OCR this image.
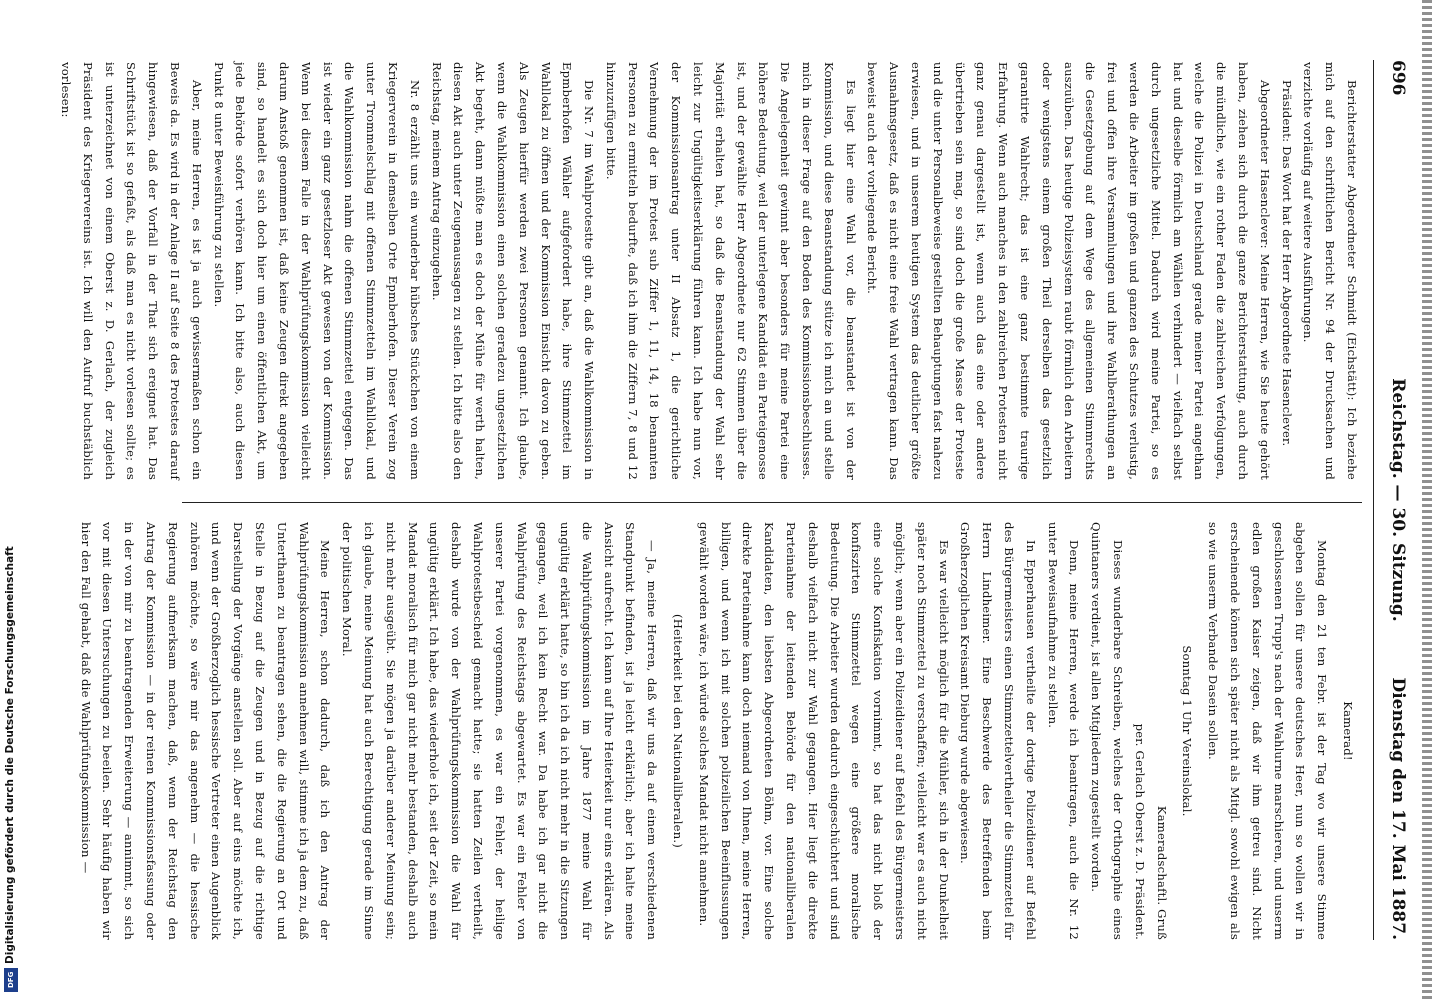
696
Reichstag. — 30. Sitzung.
Dienstag den 17. Mai 1887.

Berichterstatter Abgeordneter Schmidt (Eichstätt): Ich beziehe mich auf den schriftlichen Bericht Nr. 94 der Drucksachen und verzichte vorläufig auf weitere Ausführungen.

Präsident: Das Wort hat der Herr Abgeordnete Hasenclever.

Abgeordneter Hasenclever: Meine Herren, wie Sie heute gehört haben, ziehen sich durch die ganze Berichterstattung, auch durch die mündliche, wie ein rother Faden die zahlreichen Verfolgungen, welche die Polizei in Deutschland gerade meiner Partei angethan hat und dieselbe förmlich am Wählen verhindert — vielfach selbst durch ungesetzliche Mittel. Dadurch wird meine Partei, so es werden die Arbeiter im großen und ganzen des Schutzes verlustig, frei und offen ihre Versammlungen und ihre Wahlberathungen an die Gesetzgebung auf dem Wege des allgemeinen Stimmrechts auszuüben. Das heutige Polizeisystem raubt förmlich den Arbeitern oder wenigstens einem großen Theil derselben das gesetzlich garantirte Wahlrecht; das ist eine ganz bestimmte traurige Erfahrung. Wenn auch manches in den zahlreichen Protesten nicht ganz genau dargestellt ist, wenn auch das eine oder andere übertrieben sein mag, so sind doch die große Masse der Proteste und die unter Personalbeweise gestellten Behauptungen fast nahezu erwiesen, und in unserem heutigen System das deutlicher größte Ausnahmsgesetz, daß es nicht eine freie Wahl vertragen kann. Das beweist auch der vorliegende Bericht.

Es liegt hier eine Wahl vor, die beanstandet ist von der Kommission, und diese Beanstandung stütze ich mich an und stelle mich in dieser Frage auf den Boden des Kommissionsbeschlusses. Die Angelegenheit gewinnt aber besonders für meine Partei eine höhere Bedeutung, weil der unterlegene Kandidat ein Parteigenosse ist, und der gewählte Herr Abgeordnete nur 62 Stimmen über die Majorität erhalten hat, so daß die Beanstandung der Wahl sehr leicht zur Ungültigkeitserklärung führen kann. Ich habe nun vor, der Kommissionsantrag unter II Absatz 1, die gerichtliche Vernehmung der im Protest sub Ziffer 1, 11, 14, 18 benannten Personen zu ermitteln bedurfte, daß ich ihm die Ziffern 7, 8 und 12 hinzuzufügen bitte.

Die Nr. 7 im Wahlprotestte gibt an, daß die Wahlkommission in Epmberhofen Wähler aufgefordert habe, ihre Stimmzettel im Wahllokal zu öffnen und der Kommission Einsicht davon zu geben. Als Zeugen hierfür werden zwei Personen genannt. Ich glaube, wenn die Wahlkommission einen solchen geradezu ungesetzlichen Akt begeht, dann müßte man es doch der Mühe für werth halten, diesen Akt auch unter Zeugenaussagen zu stellen. Ich bitte also den Reichstag, meinem Antrag einzugehen.

Nr. 8 erzählt uns ein wunderbar hübsches Stückchen von einem Kriegerverein in demselben Orte Epmberhofen. Dieser Verein zog unter Trommelschlag mit offenen Stimmzetteln im Wahllokal, und die Wahlkommission nahm die offenen Stimmzettel entgegen. Das ist wieder ein ganz gesetzloser Akt gewesen von der Kommission. Wenn bei diesem Falle in der Wahlprüfungskommission vielleicht darum Anstoß genommen ist, daß keine Zeugen direkt angegeben sind, so handelt es sich doch hier um einen öffentlichen Akt, um jede Behörde sofort verhören kann. Ich bitte also, auch diesen Punkt 8 unter Beweisführung zu stellen.

Aber, meine Herren, es ist ja auch gewissermaßen schon ein Beweis da. Es wird in der Anlage II auf Seite 8 des Protestes darauf hingewiesen, daß der Vorfall in der That sich ereignet hat. Das Schriftstück ist so gefaßt, als daß man es nicht vorlesen sollte; es ist unterzeichnet von einem Oberst z. D. Gerlach, der zugleich Präsident des Kriegervereins ist. Ich will den Aufruf buchstäblich vorlesen:

Kamerad!

Montag den 21 ten Febr. ist der Tag wo wir unsere Stimme abgeben sollen für unsere deutsches Heer, nun so wollen wir in geschlossenen Trupp's nach der Wahlurne marschieren, und unserm edlen großen Kaiser zeigen, daß wir ihm getreu sind. Nicht erscheinende können sich später nicht als Mitgl. sowohl ewigen als so wie unserm Verbande Dasein sollen.

Sonntag 1 Uhr Vereinslokal.

Kameradschaftl. Gruß

per. Gerlach Oberst z. D. Präsident.

Dieses wunderbare Schreiben, welches der Orthographie eines Quintaners verdient, ist allen Mitgliedern zugestellt worden.

Denn, meine Herren, werde ich beantragen, auch die Nr. 12 unter Beweisaufnahme zu stellen.

In Epperhausen vertheilte der dortige Polizeidiener auf Befehl des Bürgermeisters einen Stimmzettelvertheiler die Stimmzettel für Herrn Lindheimer. Eine Beschwerde des Betreffenden beim Großherzoglichen Kreisamt Dieburg wurde abgewiesen.

Es war vielleicht möglich für die Mühler, sich in der Dunkelheit später noch Stimmzettel zu verschaffen; vielleicht war es auch nicht möglich; wenn aber ein Polizeidiener auf Befehl des Bürgermeisters eine solche Konfiskation vornimmt, so hat das nicht bloß der konfiszirten Stimmzettel wegen eine größere moralische Bedeutung. Die Arbeiter wurden dadurch eingeschüchtert und sind deshalb vielfach nicht zur Wahl gegangen. Hier liegt die direkte Parteinahme der leitenden Behörde für den nationalliberalen Kandidaten, den liebsten Abgeordneten Böhm, vor. Eine solche direkte Parteinahme kann doch niemand von Ihnen, meine Herren, billigen, und wenn ich mit solchen polizeilichen Beeinflussungen gewählt worden wäre, ich würde solches Mandat nicht annehmen.

(Heiterkeit bei den Nationalliberalen.)

— Ja, meine Herren, daß wir uns da auf einem verschiedenen Standpunkt befinden, ist ja leicht erklärlich; aber ich halte meine Ansicht aufrecht. Ich kann auf Ihre Heiterkeit nur eins erklären. Als die Wahlprüfungskommission im Jahre 1877 meine Wahl für ungültig erklärt hatte, so bin ich da ich nicht mehr in die Sitzungen gegangen, weil ich kein Recht war. Da habe ich gar nicht die Wahlprüfung des Reichstags abgewartet. Es war ein Fehler von unserer Partei vorgenommen, es war ein Fehler, der heilige Wahlprotestbescheid gemacht hatte; sie hatten Zeilen vertheilt, deshalb wurde von der Wahlprüfungskommission die Wahl für ungültig erklärt. Ich habe, das wiederhole ich, seit der Zeit, so mein Mandat moralisch für mich gar nicht mehr bestanden, deshalb auch nicht mehr ausgeübt. Sie mögen ja darüber anderer Meinung sein; ich glaube, meine Meinung hat auch Berechtigung gerade im Sinne der politischen Moral.

Meine Herren, schon dadurch, daß ich den Antrag der Wahlprüfungskommission annehmen will, stimme ich ja dem zu, daß Unterthanen zu beantragen sehen, die die Regierung an Ort und Stelle in Bezug auf die Zeugen und in Bezug auf die richtige Darstellung der Vorgänge anstellen soll. Aber auf eins möchte ich, und wenn der Großherzoglich hessische Vertreter einen Augenblick zuhören möchte, so wäre mir das angenehm — die hessische Regierung aufmerksam machen, daß, wenn der Reichstag den Antrag der Kommission — in der reinen Kommissionsfassung oder in der von mir zu beantragenden Erweiterung — annimmt, so sich vor mit diesen Untersuchungen zu beeilen. Sehr häufig haben wir hier den Fall gehabt, daß die Wahlprüfungskommission —

Digitalisierung gefördert durch die Deutsche Forschungsgemeinschaft
DFG
